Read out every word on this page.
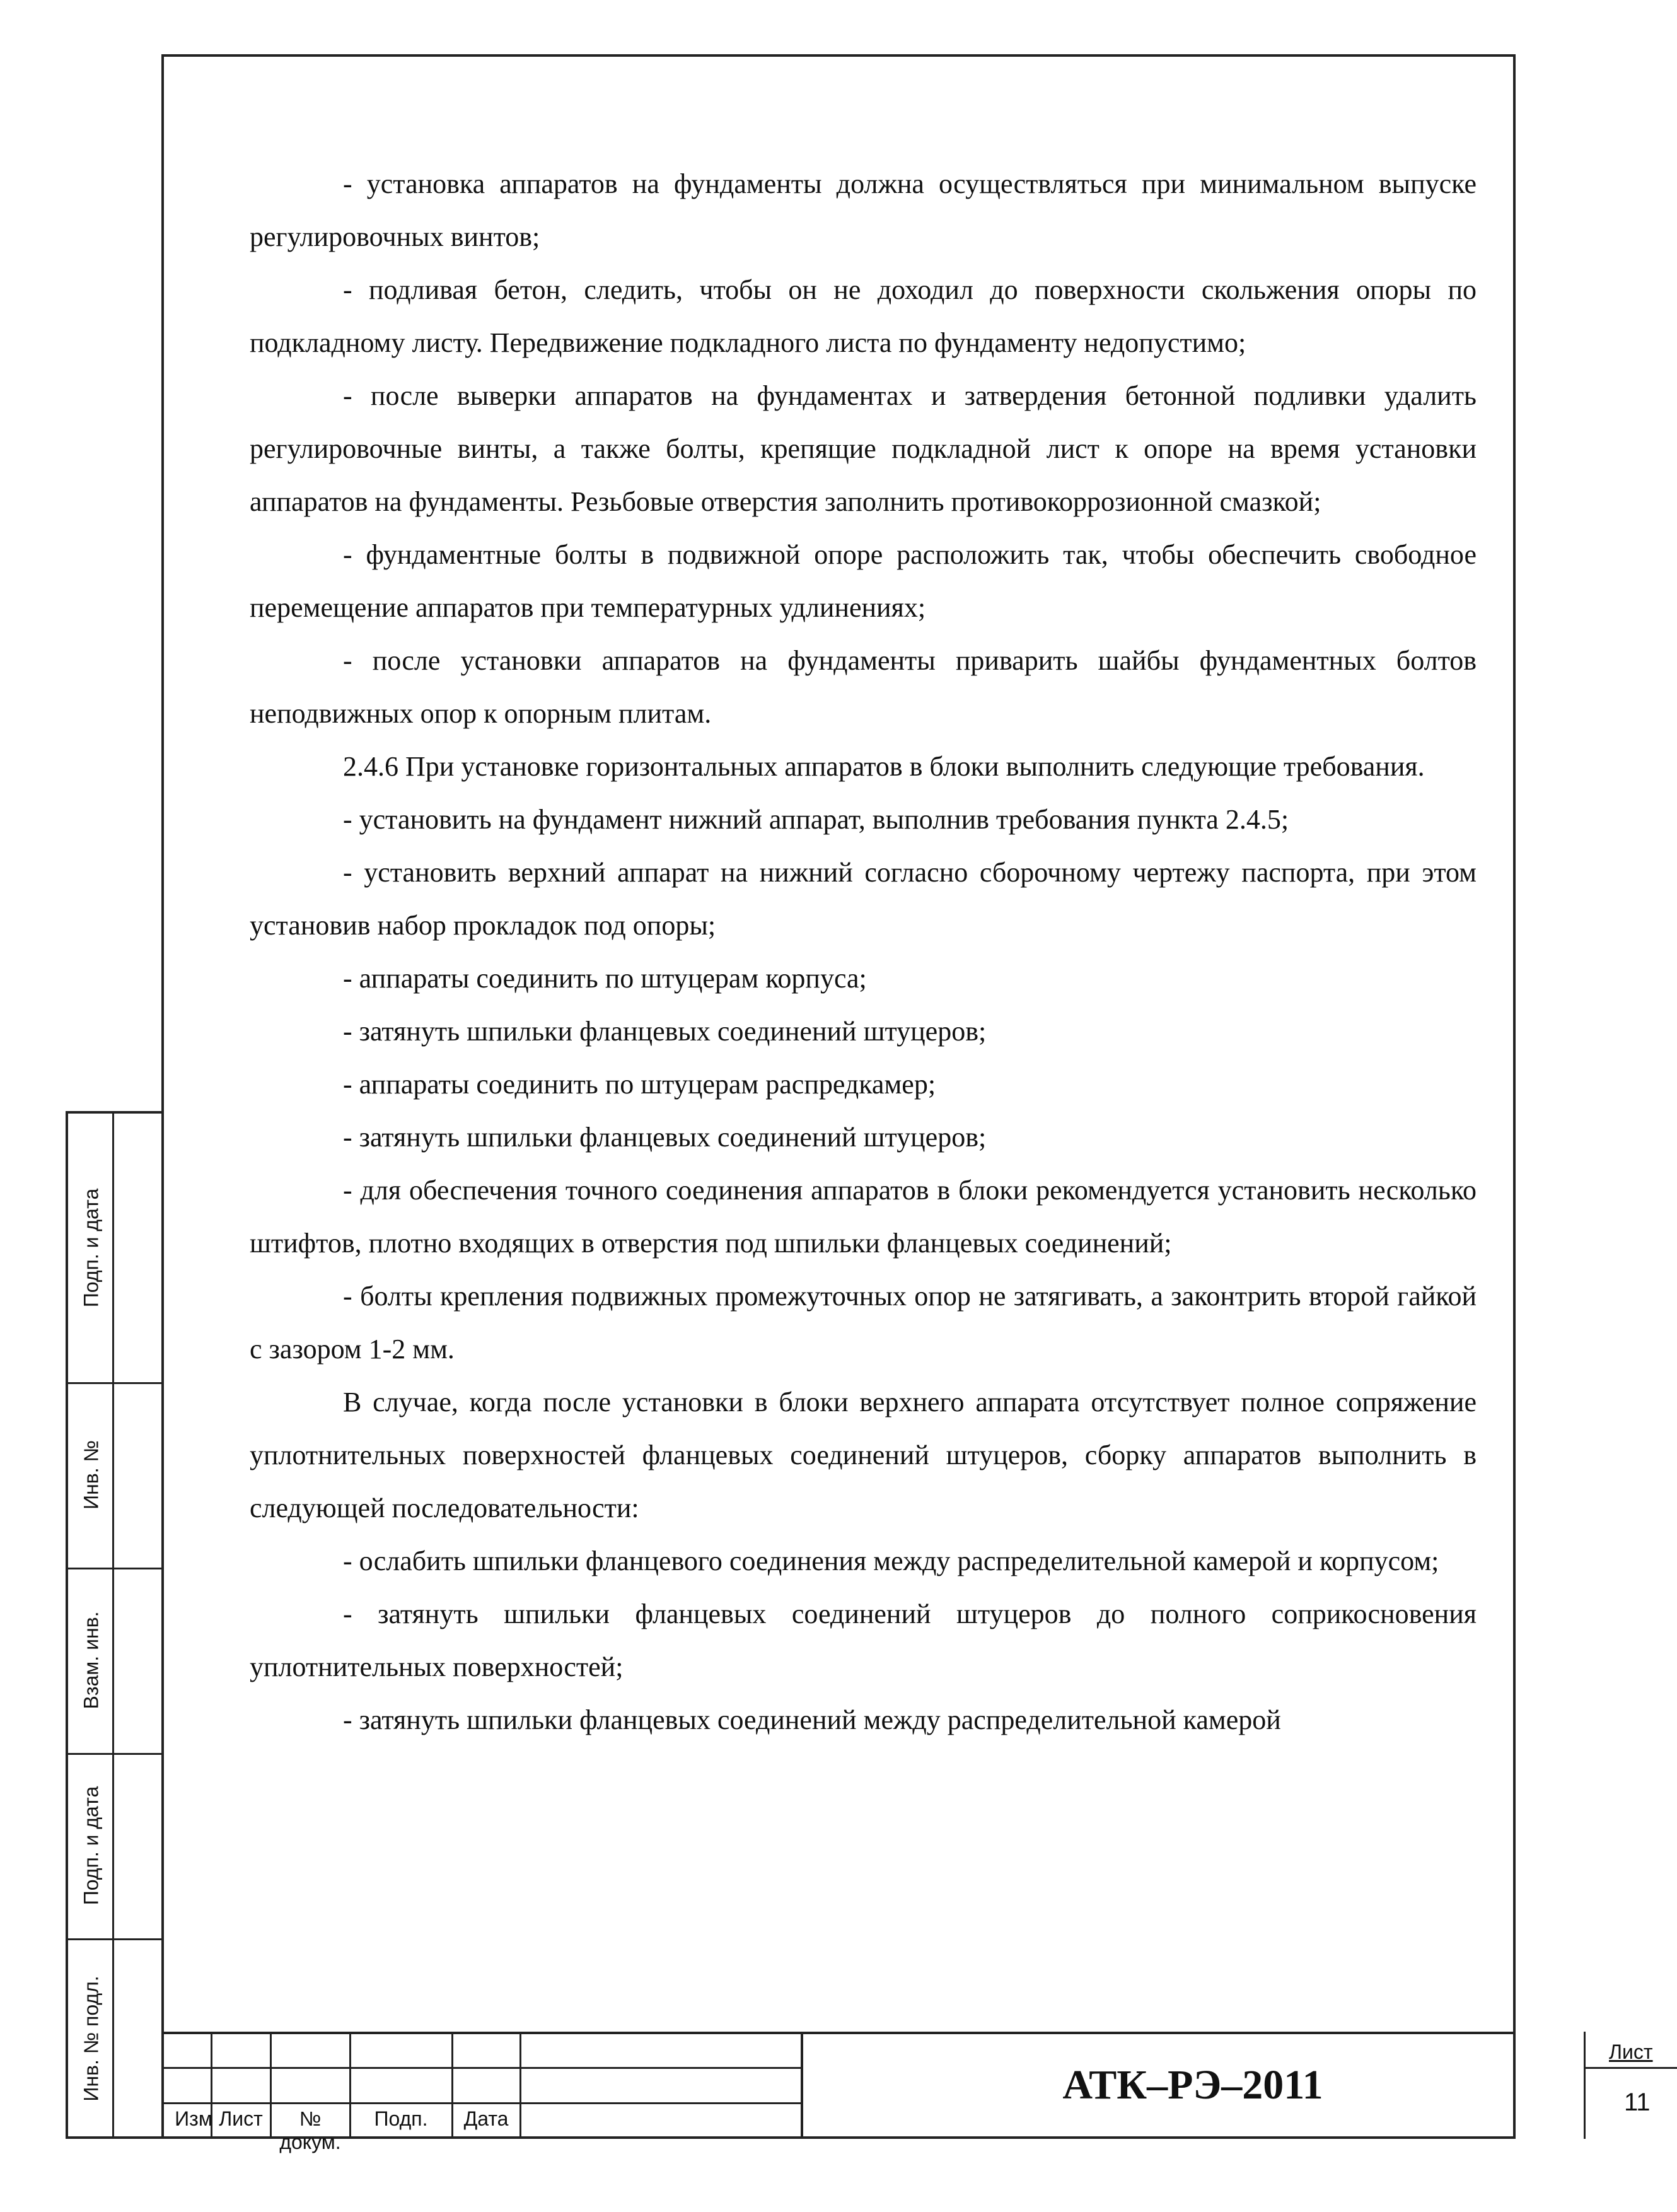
- установка аппаратов на фундаменты должна осуществляться при минимальном выпуске регулировочных винтов;

- подливая бетон, следить, чтобы он не доходил до поверхности скольжения опоры по подкладному листу. Передвижение подкладного листа по фундаменту недопустимо;

- после выверки аппаратов на фундаментах и затвердения бетонной подливки удалить регулировочные винты, а также болты, крепящие подкладной лист к опоре на время установки аппаратов на фундаменты. Резьбовые отверстия заполнить противокоррозионной смазкой;

- фундаментные болты в подвижной опоре расположить так, чтобы обеспечить свободное перемещение аппаратов при температурных удлинениях;

- после установки аппаратов на фундаменты приварить шайбы фундаментных болтов неподвижных опор к опорным плитам.

2.4.6 При установке горизонтальных аппаратов в блоки выполнить следующие требования.

- установить на фундамент нижний аппарат, выполнив требования пункта 2.4.5;

- установить верхний аппарат на нижний согласно сборочному чертежу паспорта, при этом установив набор прокладок под опоры;

- аппараты соединить по штуцерам корпуса;

- затянуть шпильки фланцевых соединений штуцеров;

- аппараты соединить по штуцерам распредкамер;

- затянуть шпильки фланцевых соединений штуцеров;

- для обеспечения точного соединения аппаратов в блоки рекомендуется установить несколько штифтов, плотно входящих в отверстия под шпильки фланцевых соединений;

- болты крепления подвижных промежуточных опор не затягивать, а законтрить второй гайкой с зазором 1-2 мм.

В случае, когда после установки в блоки верхнего аппарата отсутствует полное сопряжение уплотнительных поверхностей фланцевых соединений штуцеров, сборку аппаратов выполнить в следующей последовательности:

- ослабить шпильки фланцевого соединения между распределительной камерой и корпусом;

- затянуть шпильки фланцевых соединений штуцеров до полного соприкосновения уплотнительных поверхностей;

- затянуть шпильки фланцевых соединений между распределительной камерой

Подп. и дата
Инв. №
Взам. инв.
Подп. и дата
Инв. № подл.
Изм Лист	№ докум.
Подп.	Дата
АТК–РЭ–2011
Лист
11
